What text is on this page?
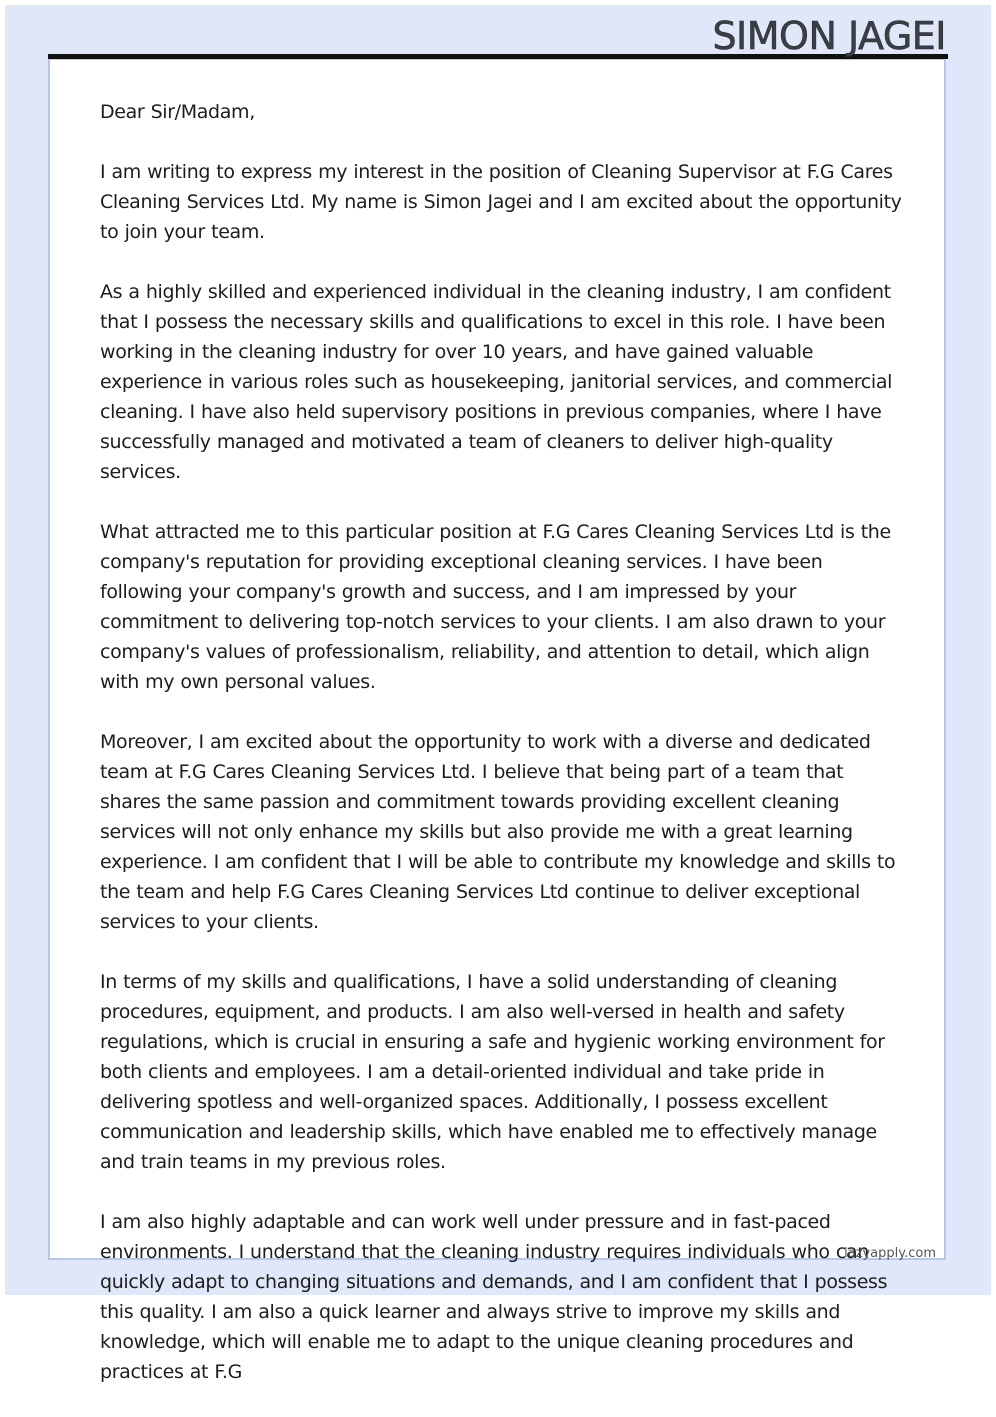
SIMON JAGEI

Dear Sir/Madam,

I am writing to express my interest in the position of Cleaning Supervisor at F.G Cares Cleaning Services Ltd. My name is Simon Jagei and I am excited about the opportunity to join your team.

As a highly skilled and experienced individual in the cleaning industry, I am confident that I possess the necessary skills and qualifications to excel in this role. I have been working in the cleaning industry for over 10 years, and have gained valuable experience in various roles such as housekeeping, janitorial services, and commercial cleaning. I have also held supervisory positions in previous companies, where I have successfully managed and motivated a team of cleaners to deliver high-quality services.

What attracted me to this particular position at F.G Cares Cleaning Services Ltd is the company's reputation for providing exceptional cleaning services. I have been following your company's growth and success, and I am impressed by your commitment to delivering top-notch services to your clients. I am also drawn to your company's values of professionalism, reliability, and attention to detail, which align with my own personal values.

Moreover, I am excited about the opportunity to work with a diverse and dedicated team at F.G Cares Cleaning Services Ltd. I believe that being part of a team that shares the same passion and commitment towards providing excellent cleaning services will not only enhance my skills but also provide me with a great learning experience. I am confident that I will be able to contribute my knowledge and skills to the team and help F.G Cares Cleaning Services Ltd continue to deliver exceptional services to your clients.

In terms of my skills and qualifications, I have a solid understanding of cleaning procedures, equipment, and products. I am also well-versed in health and safety regulations, which is crucial in ensuring a safe and hygienic working environment for both clients and employees. I am a detail-oriented individual and take pride in delivering spotless and well-organized spaces. Additionally, I possess excellent communication and leadership skills, which have enabled me to effectively manage and train teams in my previous roles.

I am also highly adaptable and can work well under pressure and in fast-paced environments. I understand that the cleaning industry requires individuals who can quickly adapt to changing situations and demands, and I am confident that I possess this quality. I am also a quick learner and always strive to improve my skills and knowledge, which will enable me to adapt to the unique cleaning procedures and practices at F.G

lazyapply.com
